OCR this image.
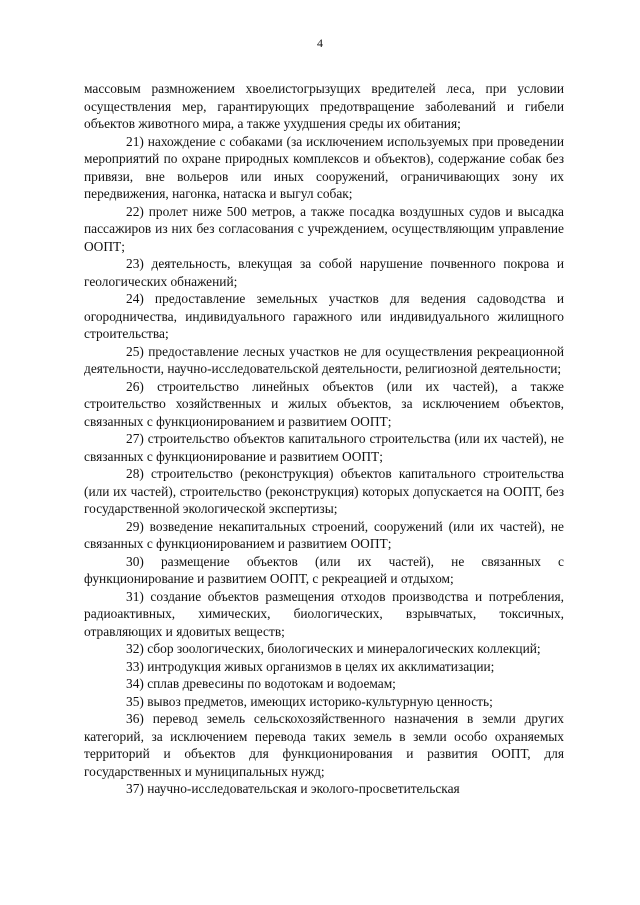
4

массовым размножением хвоелистогрызущих вредителей леса, при условии осуществления мер, гарантирующих предотвращение заболеваний и гибели объектов животного мира, а также ухудшения среды их обитания;

21) нахождение с собаками (за исключением используемых при проведении мероприятий по охране природных комплексов и объектов), содержание собак без привязи, вне вольеров или иных сооружений, ограничивающих зону их передвижения, нагонка, натаска и выгул собак;

22) пролет ниже 500 метров, а также посадка воздушных судов и высадка пассажиров из них без согласования с учреждением, осуществляющим управление ООПТ;

23) деятельность, влекущая за собой нарушение почвенного покрова и геологических обнажений;

24) предоставление земельных участков для ведения садоводства и огородничества, индивидуального гаражного или индивидуального жилищного строительства;

25) предоставление лесных участков не для осуществления рекреационной деятельности, научно-исследовательской деятельности, религиозной деятельности;

26) строительство линейных объектов (или их частей), а также строительство хозяйственных и жилых объектов, за исключением объектов, связанных с функционированием и развитием ООПТ;

27) строительство объектов капитального строительства (или их частей), не связанных с функционирование и развитием ООПТ;

28) строительство (реконструкция) объектов капитального строительства (или их частей), строительство (реконструкция) которых допускается на ООПТ, без государственной экологической экспертизы;

29) возведение некапитальных строений, сооружений (или их частей), не связанных с функционированием и развитием ООПТ;

30) размещение объектов (или их частей), не связанных с функционирование и развитием ООПТ, с рекреацией и отдыхом;

31) создание объектов размещения отходов производства и потребления, радиоактивных, химических, биологических, взрывчатых, токсичных, отравляющих и ядовитых веществ;

32) сбор зоологических, биологических и минералогических коллекций;

33) интродукция живых организмов в целях их акклиматизации;

34) сплав древесины по водотокам и водоемам;

35) вывоз предметов, имеющих историко-культурную ценность;

36) перевод земель сельскохозяйственного назначения в земли других категорий, за исключением перевода таких земель в земли особо охраняемых территорий и объектов для функционирования и развития ООПТ, для государственных и муниципальных нужд;

37) научно-исследовательская и эколого-просветительская
